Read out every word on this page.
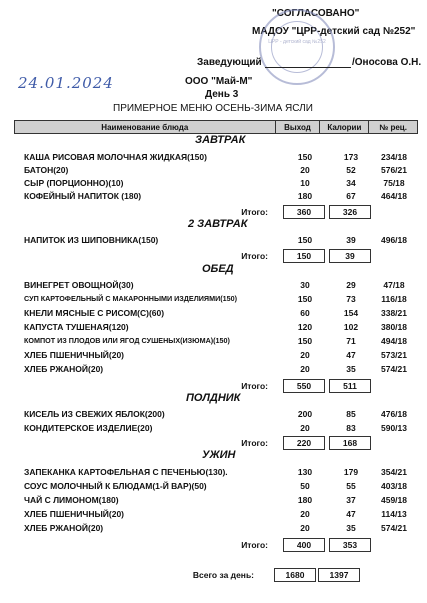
"СОГЛАСОВАНО"
МАДОУ "ЦРР-детский сад №252"
ЦРР - детский сад №252
Заведующий	/Оносова О.Н.
24.01.2024	ООО "Май-М"
День 3
ПРИМЕРНОЕ МЕНЮ ОСЕНЬ-ЗИМА ЯСЛИ
Наименование блюда	Выход	Калории	№ рец.
ЗАВТРАК
КАША РИСОВАЯ МОЛОЧНАЯ ЖИДКАЯ(150)	150	173	234/18
БАТОН(20)	20	52	576/21
СЫР (ПОРЦИОННО)(10)	10	34	75/18
КОФЕЙНЫЙ НАПИТОК (180)	180	67	464/18
Итого:	360	326
2 ЗАВТРАК
НАПИТОК ИЗ ШИПОВНИКА(150)	150	39	496/18
Итого:	150	39
ОБЕД
ВИНЕГРЕТ ОВОЩНОЙ(30)	30	29	47/18
СУП КАРТОФЕЛЬНЫЙ С МАКАРОННЫМИ ИЗДЕЛИЯМИ(150)	150	73	116/18
КНЕЛИ МЯСНЫЕ С РИСОМ(С)(60)	60	154	338/21
КАПУСТА ТУШЕНАЯ(120)	120	102	380/18
КОМПОТ ИЗ ПЛОДОВ ИЛИ ЯГОД СУШЕНЫХ(ИЗЮМА)(150)	150	71	494/18
ХЛЕБ ПШЕНИЧНЫЙ(20)	20	47	573/21
ХЛЕБ РЖАНОЙ(20)	20	35	574/21
Итого:	550	511
ПОЛДНИК
КИСЕЛЬ ИЗ СВЕЖИХ ЯБЛОК(200)	200	85	476/18
КОНДИТЕРСКОЕ ИЗДЕЛИЕ(20)	20	83	590/13
Итого:	220	168
УЖИН
ЗАПЕКАНКА КАРТОФЕЛЬНАЯ С ПЕЧЕНЬЮ(130).	130	179	354/21
СОУС МОЛОЧНЫЙ К БЛЮДАМ(1-Й ВАР)(50)	50	55	403/18
ЧАЙ С ЛИМОНОМ(180)	180	37	459/18
ХЛЕБ ПШЕНИЧНЫЙ(20)	20	47	114/13
ХЛЕБ РЖАНОЙ(20)	20	35	574/21
Итого:	400	353
Всего за день:	1680	1397
